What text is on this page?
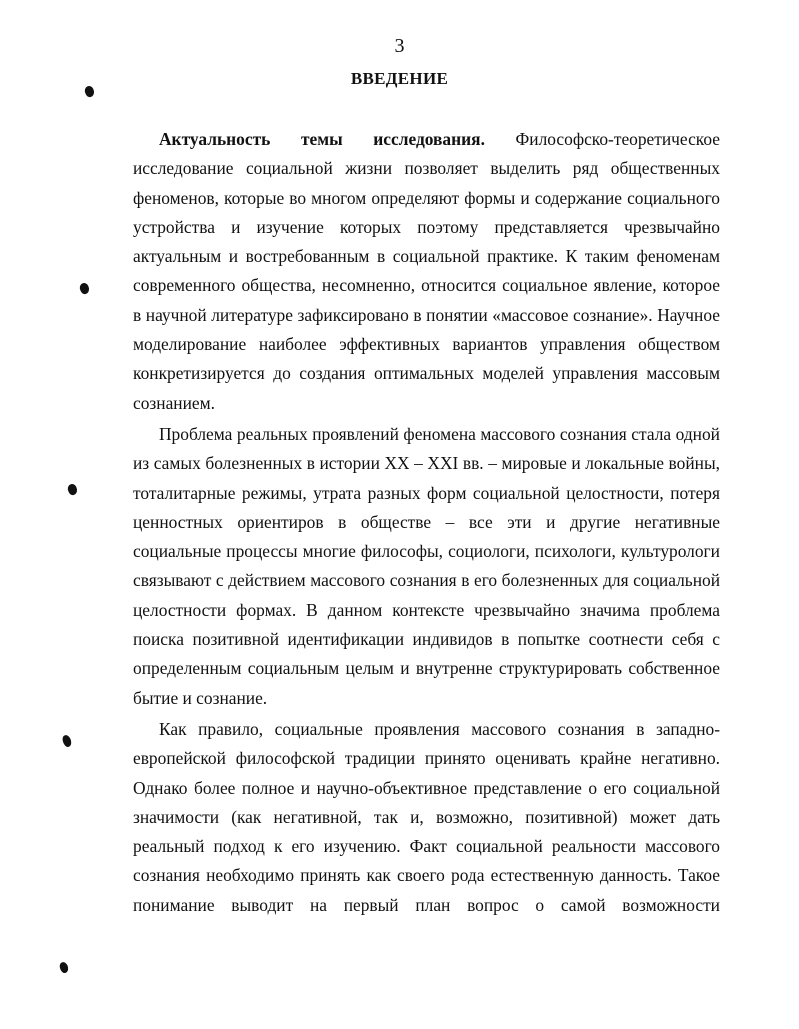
3
ВВЕДЕНИЕ

Актуальность темы исследования. Философско-теоретическое исследование социальной жизни позволяет выделить ряд общественных феноменов, которые во многом определяют формы и содержание социального устройства и изучение которых поэтому представляется чрезвычайно актуальным и востребованным в социальной практике. К таким феноменам современного общества, несомненно, относится социальное явление, которое в научной литературе зафиксировано в понятии «массовое сознание». Научное моделирование наиболее эффективных вариантов управления обществом конкретизируется до создания оптимальных моделей управления массовым сознанием.

Проблема реальных проявлений феномена массового сознания стала одной из самых болезненных в истории XX – XXI вв. – мировые и локальные войны, тоталитарные режимы, утрата разных форм социальной целостности, потеря ценностных ориентиров в обществе – все эти и другие негативные социальные процессы многие философы, социологи, психологи, культурологи связывают с действием массового сознания в его болезненных для социальной целостности формах. В данном контексте чрезвычайно значима проблема поиска позитивной идентификации индивидов в попытке соотнести себя с определенным социальным целым и внутренне структурировать собственное бытие и сознание.

Как правило, социальные проявления массового сознания в западно-европейской философской традиции принято оценивать крайне негативно. Однако более полное и научно-объективное представление о его социальной значимости (как негативной, так и, возможно, позитивной) может дать реальный подход к его изучению. Факт социальной реальности массового сознания необходимо принять как своего рода естественную данность. Такое понимание выводит на первый план вопрос о самой возможности
